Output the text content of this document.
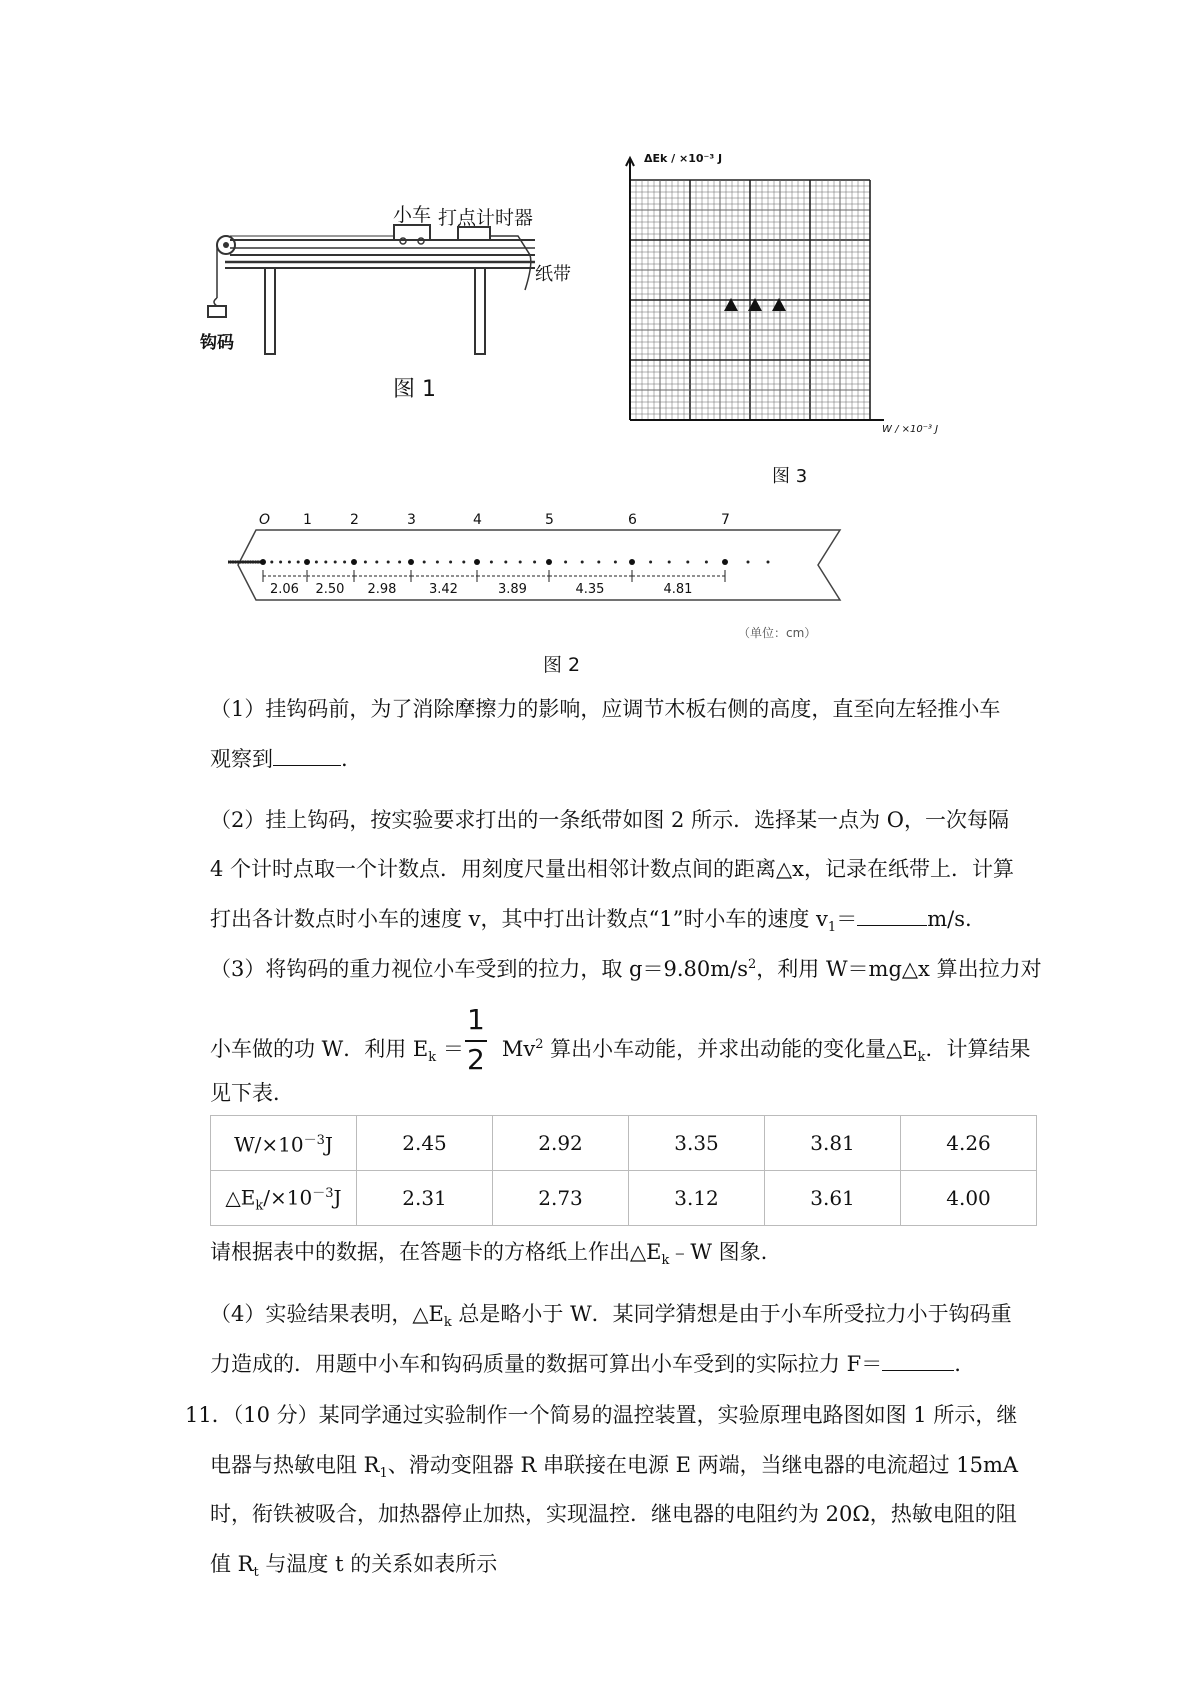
小车 打点计时器
纸带
钩码
图 1
ΔEk / ×10⁻³ J
W / ×10⁻³ J
图 3
O 1	2	3	4	5	6	7
2.06 2.50 2.98	3.42	3.89	4.35	4.81
（单位：cm）
图 2
（1）挂钩码前，为了消除摩擦力的影响，应调节木板右侧的高度，直至向左轻推小车
观察到	.
（2）挂上钩码，按实验要求打出的一条纸带如图 2 所示．选择某一点为 O，一次每隔
4 个计时点取一个计数点．用刻度尺量出相邻计数点间的距离△x，记录在纸带上．计算
打出各计数点时小车的速度 v，其中打出计数点“1”时小车的速度 $v_1=$	m/s.
（3）将钩码的重力视位小车受到的拉力，取 $g=9.80m/s^2$，利用 W＝mg△x 算出拉力对
小车做的功 W．利用 $E_k = Mv^2$ 算出小车动能，并求出动能的变化量$\triangle E_k$．计算结果
1
2
见下表．
$W/\times 10^{-3}J$	2.45	2.92	3.35	3.81	4.26
$\triangle E_k/\times 10^{-3}J$	2.31	2.73	3.12	3.61	4.00
请根据表中的数据，在答题卡的方格纸上作出$\triangle E_k﹣W$ 图象.
（4）实验结果表明，$\triangle E_k$ 总是略小于 W．某同学猜想是由于小车所受拉力小于钩码重
力造成的．用题中小车和钩码质量的数据可算出小车受到的实际拉力 F＝	.
11．（10 分）某同学通过实验制作一个简易的温控装置，实验原理电路图如图 1 所示，继
电器与热敏电阻 $R_1$、滑动变阻器 R 串联接在电源 E 两端，当继电器的电流超过 15mA
时，衔铁被吸合，加热器停止加热，实现温控．继电器的电阻约为 20Ω，热敏电阻的阻
值 $R_t$ 与温度 t 的关系如表所示
